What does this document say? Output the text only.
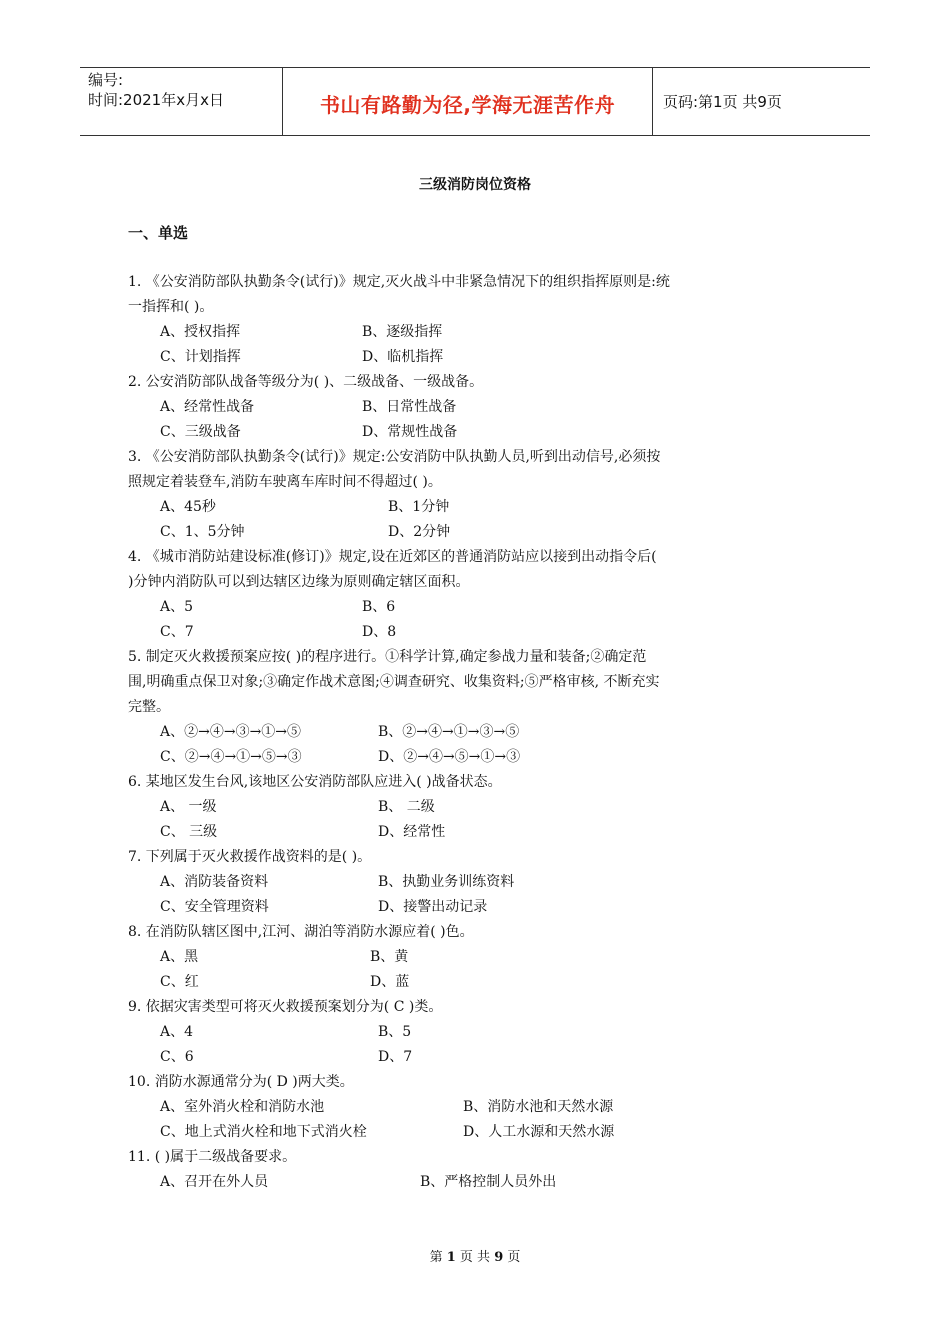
编号:
时间:2021年x月x日	书山有路勤为径,学海无涯苦作舟	页码:第1页 共9页
三级消防岗位资格
一、单选
1. 《公安消防部队执勤条令(试行)》规定,灭火战斗中非紧急情况下的组织指挥原则是:统
一指挥和( )。
A、授权指挥	B、逐级指挥
C、计划指挥	D、临机指挥
2. 公安消防部队战备等级分为( )、二级战备、一级战备。
A、经常性战备	B、日常性战备
C、三级战备	D、常规性战备
3. 《公安消防部队执勤条令(试行)》规定:公安消防中队执勤人员,听到出动信号,必须按
照规定着装登车,消防车驶离车库时间不得超过( )。
A、45秒	B、1分钟
C、1、5分钟	D、2分钟
4. 《城市消防站建设标准(修订)》规定,设在近郊区的普通消防站应以接到出动指令后(
)分钟内消防队可以到达辖区边缘为原则确定辖区面积。
A、5	B、6
C、7	D、8
5. 制定灭火救援预案应按( )的程序进行。①科学计算,确定参战力量和装备;②确定范
围,明确重点保卫对象;③确定作战术意图;④调查研究、收集资料;⑤严格审核, 不断充实
完整。
A、②→④→③→①→⑤	B、②→④→①→③→⑤
C、②→④→①→⑤→③	D、②→④→⑤→①→③
6. 某地区发生台风,该地区公安消防部队应进入( )战备状态。
A、 一级	B、 二级
C、 三级	D、经常性
7. 下列属于灭火救援作战资料的是( )。
A、消防装备资料	B、执勤业务训练资料
C、安全管理资料	D、接警出动记录
8. 在消防队辖区图中,江河、湖泊等消防水源应着( )色。
A、黑	B、黄
C、红	D、蓝
9. 依据灾害类型可将灭火救援预案划分为( C )类。
A、4	B、5
C、6	D、7
10. 消防水源通常分为( D )两大类。
A、室外消火栓和消防水池	B、消防水池和天然水源
C、地上式消火栓和地下式消火栓	D、人工水源和天然水源
11. ( )属于二级战备要求。
A、召开在外人员	B、严格控制人员外出
第 1 页 共 9 页
